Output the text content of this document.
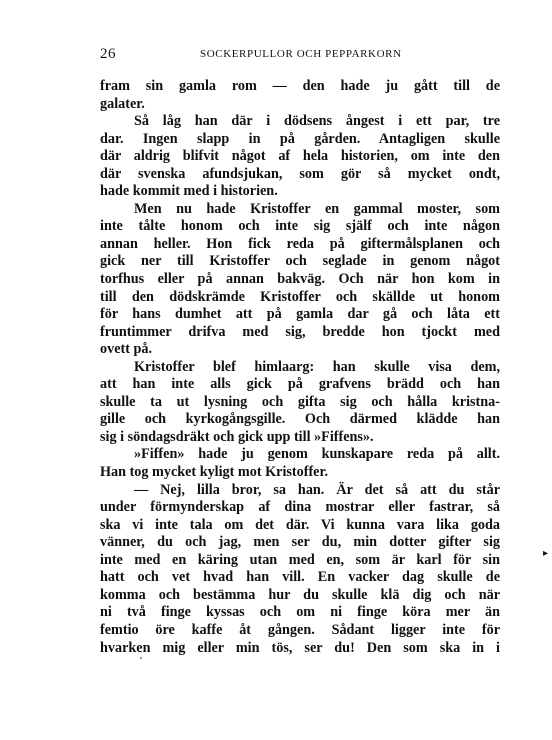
26	SOCKERPULLOR OCH PEPPARKORN
fram sin gamla rom — den hade ju gått till de
galater.
Så låg han där i dödsens ångest i ett par, tre
dar. Ingen slapp in på gården. Antagligen skulle
där aldrig blifvit något af hela historien, om inte den
där svenska afundsjukan, som gör så mycket ondt,
hade kommit med i historien.
Men nu hade Kristoffer en gammal moster, som
inte tålte honom och inte sig själf och inte någon
annan heller. Hon fick reda på giftermålsplanen och
gick ner till Kristoffer och seglade in genom något
torfhus eller på annan bakväg. Och när hon kom in
till den dödskrämde Kristoffer och skällde ut honom
för hans dumhet att på gamla dar gå och låta ett
fruntimmer drifva med sig, bredde hon tjockt med
ovett på.
Kristoffer blef himlaarg: han skulle visa dem,
att han inte alls gick på grafvens brädd och han
skulle ta ut lysning och gifta sig och hålla kristna-
gille och kyrkogångsgille. Och därmed klädde han
sig i söndagsdräkt och gick upp till »Fiffens».
»Fiffen» hade ju genom kunskapare reda på allt.
Han tog mycket kyligt mot Kristoffer.
— Nej, lilla bror, sa han. Är det så att du står
under förmynderskap af dina mostrar eller fastrar, så
ska vi inte tala om det där. Vi kunna vara lika goda
vänner, du och jag, men ser du, min dotter gifter sig
inte med en käring utan med en, som är karl för sin
hatt och vet hvad han vill. En vacker dag skulle de
komma och bestämma hur du skulle klä dig och när
ni två finge kyssas och om ni finge köra mer än
femtio öre kaffe åt gången. Sådant ligger inte för
hvarken mig eller min tös, ser du! Den som ska in i
▸
